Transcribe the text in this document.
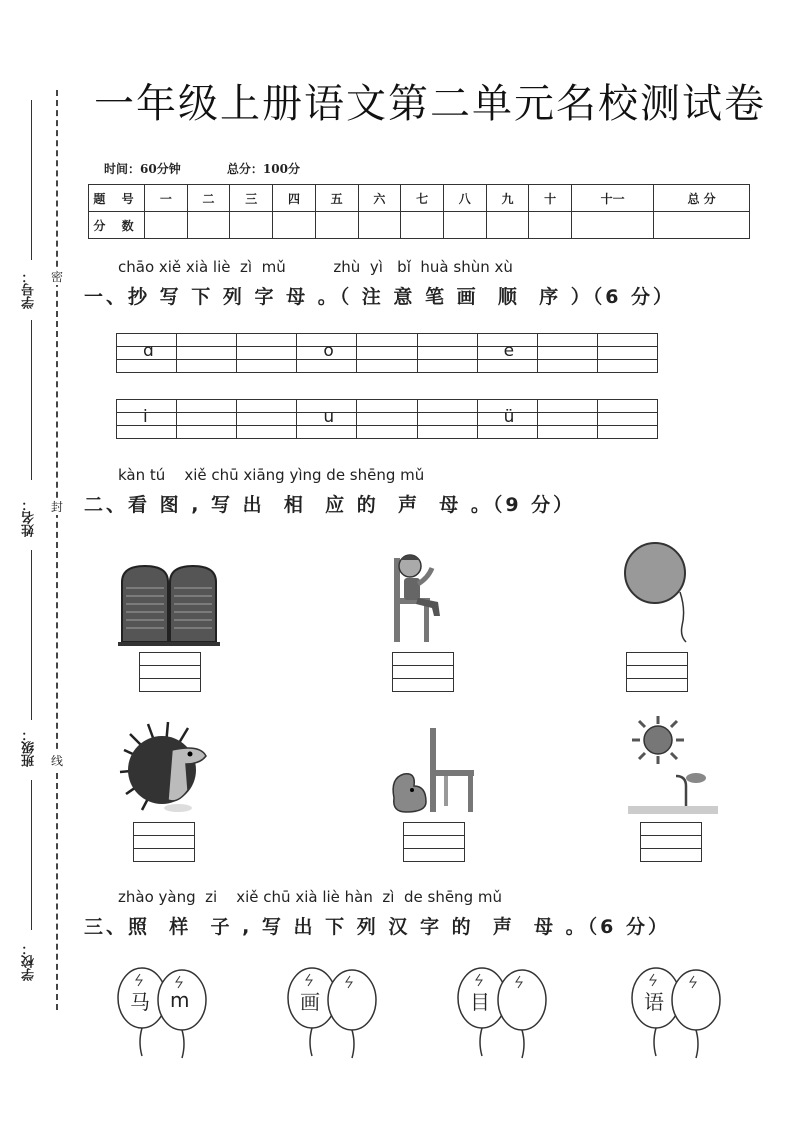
学号：
姓名：
班级：
学校：
密
封
线
一年级上册语文第二单元名校测试卷
时间：60分钟	总分：100分
题 号	一	二	三	四	五	六	七	八	九	十	十一	总 分
分 数												
chāo xiě xià liè  zì  mǔ          zhù  yì   bǐ  huà shùn xù
一、抄 写 下 列 字 母 。（ 注 意 笔 画  顺  序 ）（6 分）
ɑ	o	e
i	u	ü
kàn tú    xiě chū xiāng yìng de shēng mǔ
二、看 图 , 写 出  相  应 的  声  母 。（9 分）
zhào yàng  zi    xiě chū xià liè hàn  zì  de shēng mǔ
三、照  样  子 , 写 出 下 列 汉 字 的  声  母 。（6 分）
马 m	画	目	语
